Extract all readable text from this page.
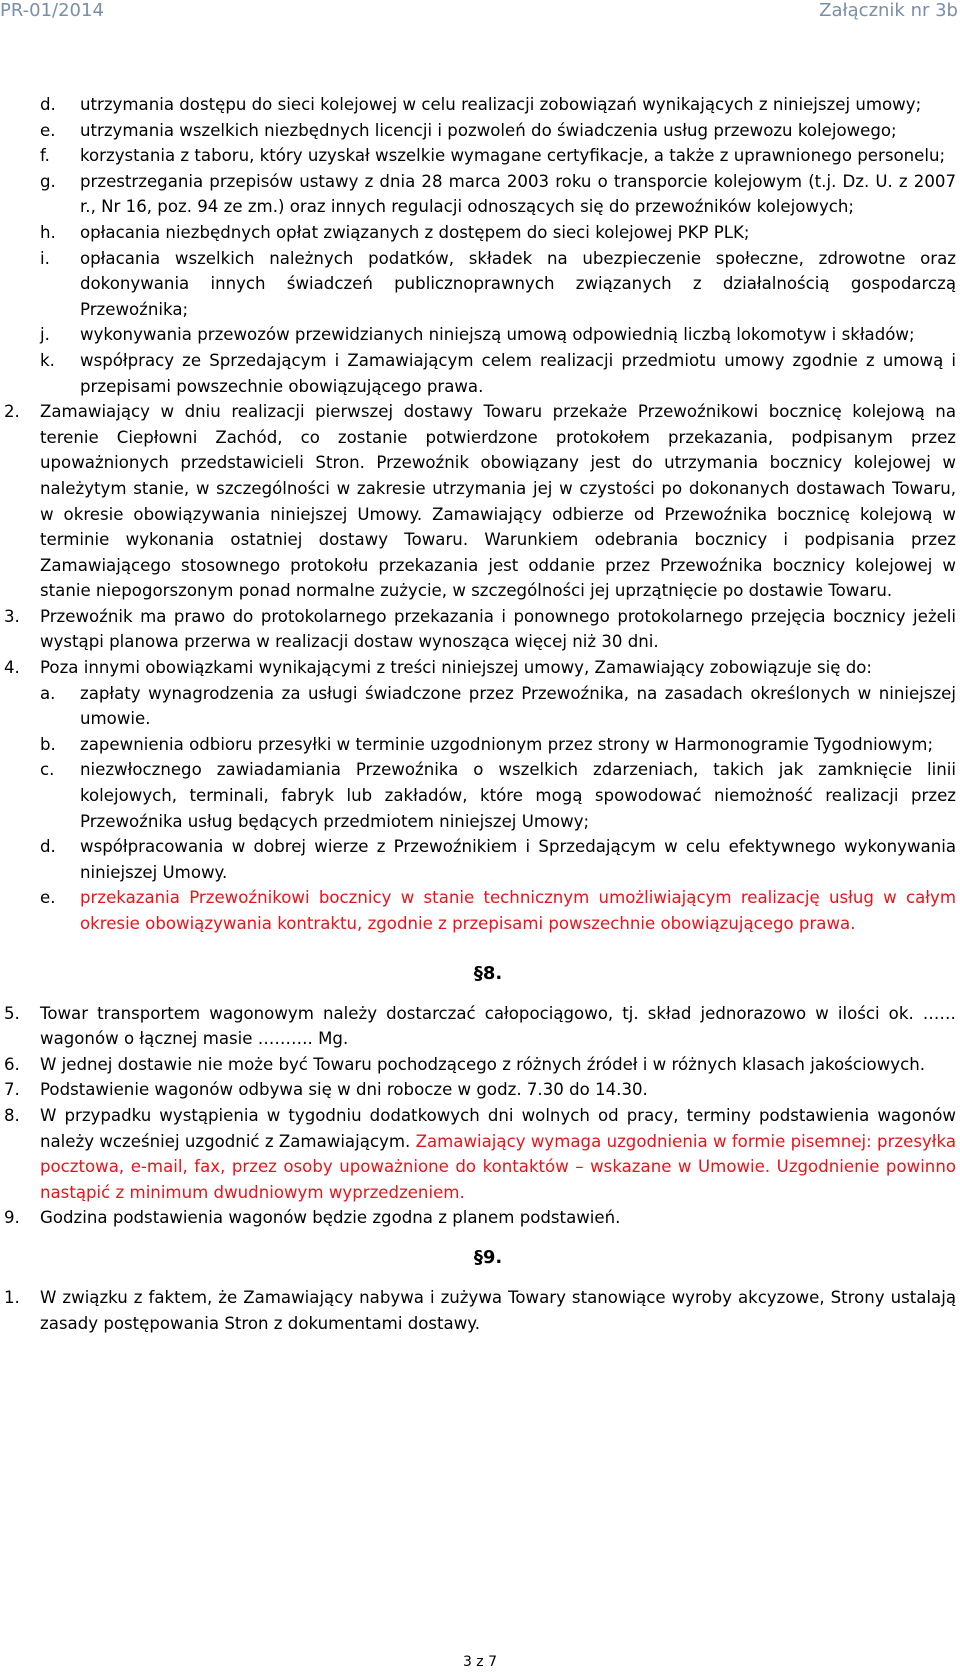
PR-01/2014	Załącznik nr 3b
d.	utrzymania dostępu do sieci kolejowej w celu realizacji zobowiązań wynikających z niniejszej umowy;
e.	utrzymania wszelkich niezbędnych licencji i pozwoleń do świadczenia usług przewozu kolejowego;
f.	korzystania z taboru, który uzyskał wszelkie wymagane certyfikacje, a także z uprawnionego personelu;
g.	przestrzegania przepisów ustawy z dnia 28 marca 2003 roku o transporcie kolejowym (t.j. Dz. U. z 2007 r., Nr 16, poz. 94 ze zm.) oraz innych regulacji odnoszących się do przewoźników kolejowych;
h.	opłacania niezbędnych opłat związanych z dostępem do sieci kolejowej PKP PLK;
i.	opłacania wszelkich należnych podatków, składek na ubezpieczenie społeczne, zdrowotne oraz dokonywania innych świadczeń publicznoprawnych związanych z działalnością gospodarczą Przewoźnika;
j.	wykonywania przewozów przewidzianych niniejszą umową odpowiednią liczbą lokomotyw i składów;
k.	współpracy ze Sprzedającym i Zamawiającym celem realizacji przedmiotu umowy zgodnie z umową i przepisami powszechnie obowiązującego prawa.
2.	Zamawiający w dniu realizacji pierwszej dostawy Towaru przekaże Przewoźnikowi bocznicę kolejową na terenie Ciepłowni Zachód, co zostanie potwierdzone protokołem przekazania, podpisanym przez upoważnionych przedstawicieli Stron. Przewoźnik obowiązany jest do utrzymania bocznicy kolejowej w należytym stanie, w szczególności w zakresie utrzymania jej w czystości po dokonanych dostawach Towaru, w okresie obowiązywania niniejszej Umowy. Zamawiający odbierze od Przewoźnika bocznicę kolejową w terminie wykonania ostatniej dostawy Towaru. Warunkiem odebrania bocznicy i podpisania przez Zamawiającego stosownego protokołu przekazania jest oddanie przez Przewoźnika bocznicy kolejowej w stanie niepogorszonym ponad normalne zużycie, w szczególności jej uprzątnięcie po dostawie Towaru.
3.	Przewoźnik ma prawo do protokolarnego przekazania i ponownego protokolarnego przejęcia bocznicy jeżeli wystąpi planowa przerwa w realizacji dostaw wynosząca więcej niż 30 dni.
4.	Poza innymi obowiązkami wynikającymi z treści niniejszej umowy, Zamawiający zobowiązuje się do:
a.	zapłaty wynagrodzenia za usługi świadczone przez Przewoźnika, na zasadach określonych w niniejszej umowie.
b.	zapewnienia odbioru przesyłki w terminie uzgodnionym przez strony w Harmonogramie Tygodniowym;
c.	niezwłocznego zawiadamiania Przewoźnika o wszelkich zdarzeniach, takich jak zamknięcie linii kolejowych, terminali, fabryk lub zakładów, które mogą spowodować niemożność realizacji przez Przewoźnika usług będących przedmiotem niniejszej Umowy;
d.	współpracowania w dobrej wierze z Przewoźnikiem i Sprzedającym w celu efektywnego wykonywania niniejszej Umowy.
e.	przekazania Przewoźnikowi bocznicy w stanie technicznym umożliwiającym realizację usług w całym okresie obowiązywania kontraktu, zgodnie z przepisami powszechnie obowiązującego prawa.
§8.
5.	Towar transportem wagonowym należy dostarczać całopociągowo, tj. skład jednorazowo w ilości ok. …… wagonów o łącznej masie ………. Mg.
6.	W jednej dostawie nie może być Towaru pochodzącego z różnych źródeł i w różnych klasach jakościowych.
7.	Podstawienie wagonów odbywa się w dni robocze w godz. 7.30 do 14.30.
8.	W przypadku wystąpienia w tygodniu dodatkowych dni wolnych od pracy, terminy podstawienia wagonów należy wcześniej uzgodnić z Zamawiającym. Zamawiający wymaga uzgodnienia w formie pisemnej: przesyłka pocztowa, e-mail, fax, przez osoby upoważnione do kontaktów – wskazane w Umowie. Uzgodnienie powinno nastąpić z minimum dwudniowym wyprzedzeniem.
9.	Godzina podstawienia wagonów będzie zgodna z planem podstawień.
§9.
1.	W związku z faktem, że Zamawiający nabywa i zużywa Towary stanowiące wyroby akcyzowe, Strony ustalają zasady postępowania Stron z dokumentami dostawy.
3 z 7
